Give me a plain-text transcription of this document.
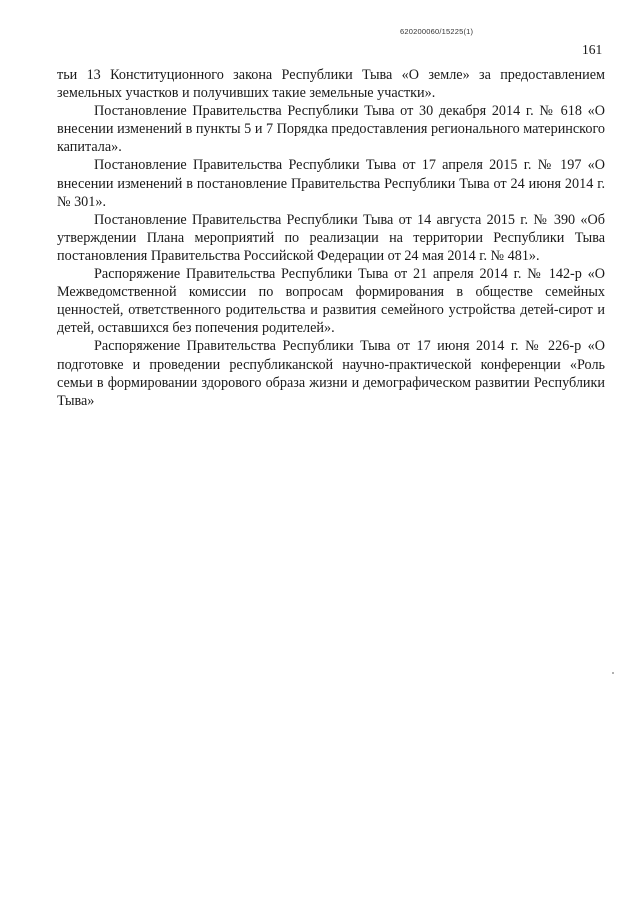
620200060/15225(1)
161

тьи 13 Конституционного закона Республики Тыва «О земле» за предоставлением земельных участков и получивших такие земельные участки».

Постановление Правительства Республики Тыва от 30 декабря 2014 г. № 618 «О внесении изменений в пункты 5 и 7 Порядка предоставления регионального материнского капитала».

Постановление Правительства Республики Тыва от 17 апреля 2015 г. № 197 «О внесении изменений в постановление Правительства Республики Тыва от 24 июня 2014 г. № 301».

Постановление Правительства Республики Тыва от 14 августа 2015 г. № 390 «Об утверждении Плана мероприятий по реализации на территории Республики Тыва постановления Правительства Российской Федерации от 24 мая 2014 г. № 481».

Распоряжение Правительства Республики Тыва от 21 апреля 2014 г. № 142-р «О Межведомственной комиссии по вопросам формирования в обществе семейных ценностей, ответственного родительства и развития семейного устройства детей-сирот и детей, оставшихся без попечения родителей».

Распоряжение Правительства Республики Тыва от 17 июня 2014 г. № 226-р «О подготовке и проведении республиканской научно-практической конференции «Роль семьи в формировании здорового образа жизни и демографическом развитии Республики Тыва»
